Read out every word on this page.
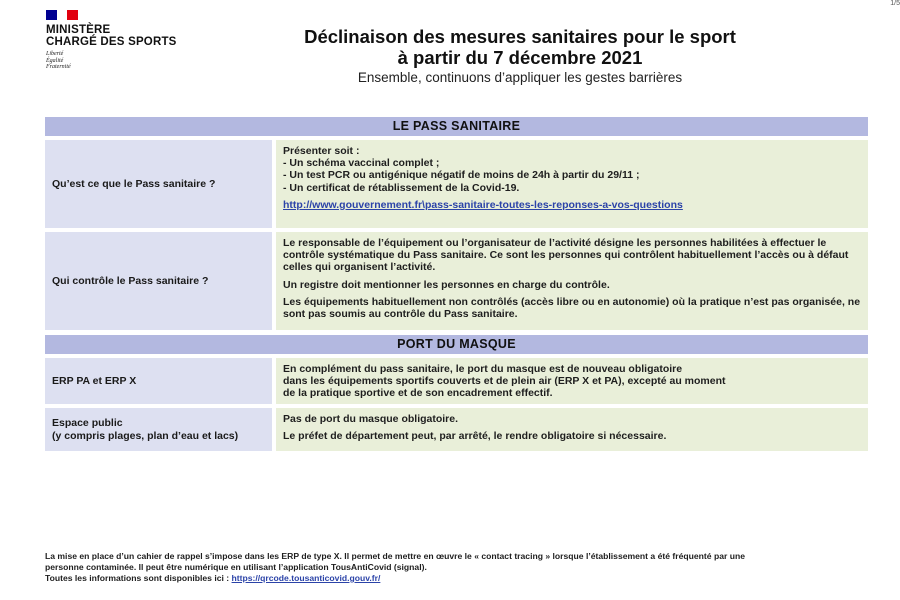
1/5
MINISTÈRE
CHARGÉ DES SPORTS
Liberté
Égalité
Fraternité
Déclinaison des mesures sanitaires pour le sport
à partir du 7 décembre 2021
Ensemble, continuons d’appliquer les gestes barrières
LE PASS SANITAIRE
Qu’est ce que le Pass sanitaire ?

Présenter soit :

- Un schéma vaccinal complet ;

- Un test PCR ou antigénique négatif de moins de 24h à partir du 29/11 ;

- Un certificat de rétablissement de la Covid-19.

http://www.gouvernement.fr\pass-sanitaire-toutes-les-reponses-a-vos-questions

Qui contrôle le Pass sanitaire ?

Le responsable de l’équipement ou l’organisateur de l’activité désigne les personnes habilitées à effectuer le contrôle systématique du Pass sanitaire. Ce sont les personnes qui contrôlent habituellement l’accès ou à défaut celles qui organisent l’activité.

Un registre doit mentionner les personnes en charge du contrôle.

Les équipements habituellement non contrôlés (accès libre ou en autonomie) où la pratique n’est pas organisée, ne sont pas soumis au contrôle du Pass sanitaire.

PORT DU MASQUE
ERP PA et ERP X

En complément du pass sanitaire, le port du masque est de nouveau obligatoire

dans les équipements sportifs couverts et de plein air (ERP X et PA), excepté au moment

de la pratique sportive et de son encadrement effectif.

Espace public
(y compris plages, plan d’eau et lacs)

Pas de port du masque obligatoire.

Le préfet de département peut, par arrêté, le rendre obligatoire si nécessaire.

La mise en place d’un cahier de rappel s’impose dans les ERP de type X. Il permet de mettre en œuvre le « contact tracing » lorsque l’établissement a été fréquenté par une

personne contaminée. Il peut être numérique en utilisant l’application TousAntiCovid (signal).

Toutes les informations sont disponibles ici : https://qrcode.tousanticovid.gouv.fr/
